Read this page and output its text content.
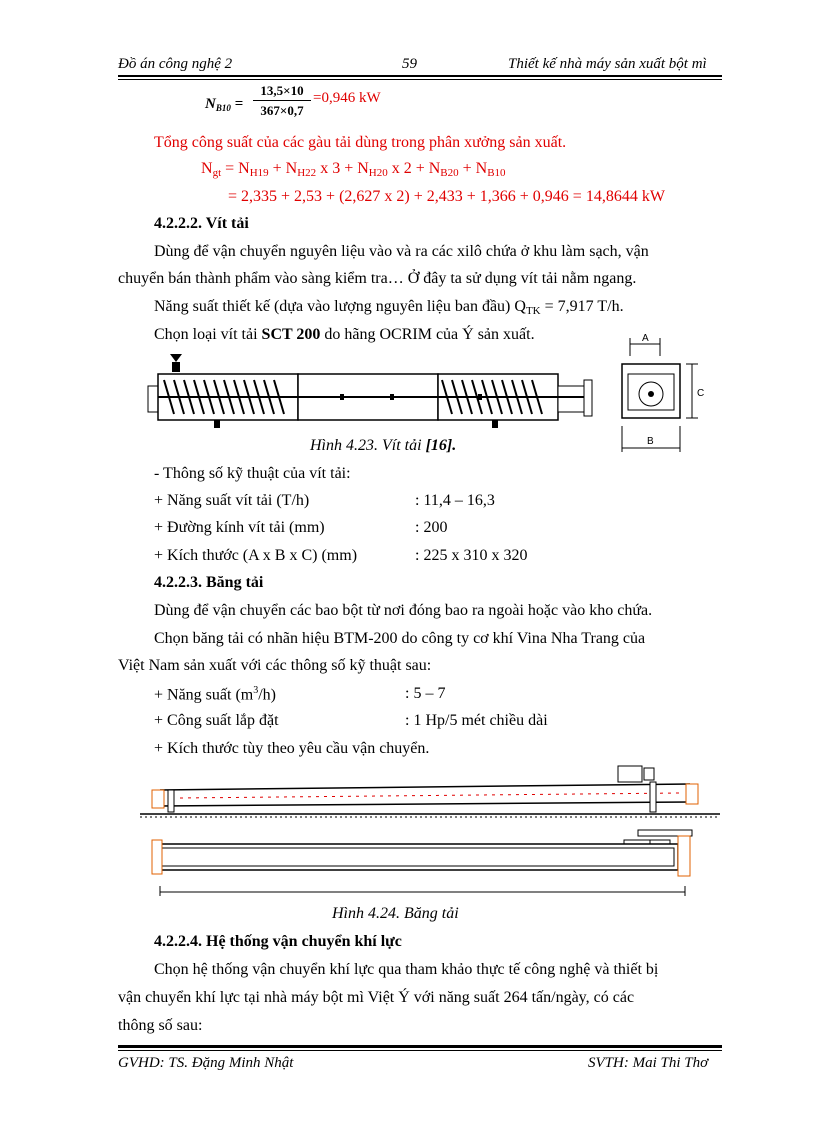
Đồ án công nghệ 2	59	Thiết kế nhà máy sản xuất bột mì
$N_{B10}$ =
13,5×10
367×0,7
=0,946 kW
Tổng công suất của các gàu tải dùng trong phân xưởng sản xuất.
$N_{gt} = N_{H19} + N_{H22}$ x $3 + N_{H20}$ x $2 + N_{B20} + N_{B10}$
= 2,335 + 2,53 + (2,627 x 2) + 2,433 + 1,366 + 0,946 = 14,8644 kW
4.2.2.2. Vít tải
Dùng để vận chuyển nguyên liệu vào và ra các xilô chứa ở khu làm sạch, vận
chuyển bán thành phẩm vào sàng kiểm tra… Ở đây ta sử dụng vít tải nằm ngang.
Năng suất thiết kế (dựa vào lượng nguyên liệu ban đầu) $Q_{TK} = 7,917$ T/h.
Chọn loại vít tải SCT 200 do hãng OCRIM của Ý sản xuất.	A
B
C
Hình 4.23. Vít tải [16].
- Thông số kỹ thuật của vít tải:
+ Năng suất vít tải (T/h)	: 11,4 – 16,3
+ Đường kính vít tải (mm)	: 200
+ Kích thước (A x B x C) (mm)	: 225 x 310 x 320
4.2.2.3. Băng tải
Dùng để vận chuyển các bao bột từ nơi đóng bao ra ngoài hoặc vào kho chứa.
Chọn băng tải có nhãn hiệu BTM-200 do công ty cơ khí Vina Nha Trang của
Việt Nam sản xuất với các thông số kỹ thuật sau:
+ Năng suất $(m^3/h)$	: 5 – 7
+ Công suất lắp đặt	: 1 Hp/5 mét chiều dài
+ Kích thước tùy theo yêu cầu vận chuyển.
Hình 4.24. Băng tải
4.2.2.4. Hệ thống vận chuyển khí lực
Chọn hệ thống vận chuyển khí lực qua tham khảo thực tế công nghệ và thiết bị
vận chuyển khí lực tại nhà máy bột mì Việt Ý với năng suất 264 tấn/ngày, có các
thông số sau:
GVHD: TS. Đặng Minh Nhật	SVTH: Mai Thi Thơ
